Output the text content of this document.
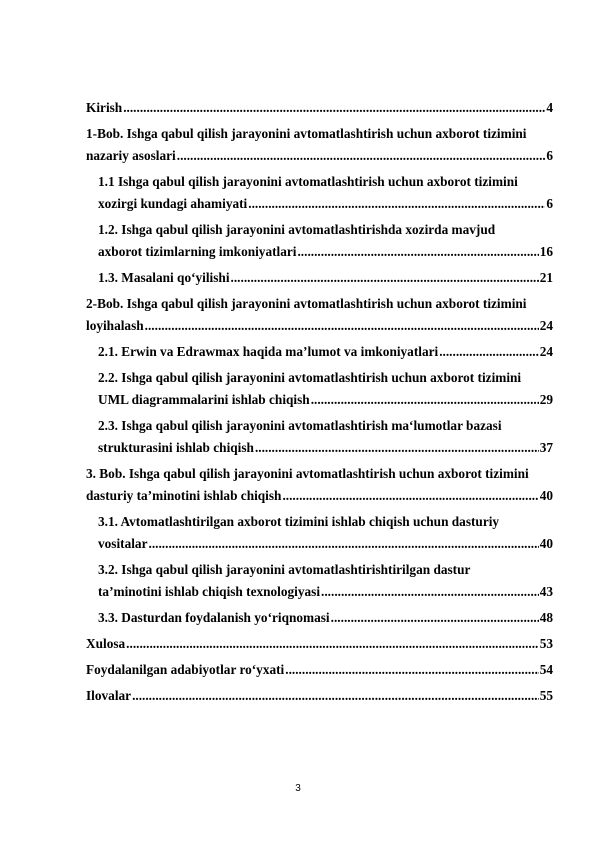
Kirish .....	4
1-Bob. Ishga qabul qilish jarayonini avtomatlashtirish uchun axborot tizimini
nazariy asoslari .....	6
1.1 Ishga qabul qilish jarayonini avtomatlashtirish uchun axborot tizimini
xozirgi kundagi ahamiyati .....	6
1.2. Ishga qabul qilish jarayonini avtomatlashtirishda xozirda mavjud
axborot tizimlarning imkoniyatlari .....	16
1.3. Masalani qo‘yilishi .....	21
2-Bob. Ishga qabul qilish jarayonini avtomatlashtirish uchun axborot tizimini
loyihalash .....	24
2.1. Erwin va Edrawmax haqida ma’lumot va imkoniyatlari .....	24
2.2. Ishga qabul qilish jarayonini avtomatlashtirish uchun axborot tizimini
UML diagrammalarini ishlab chiqish .....	29
2.3. Ishga qabul qilish jarayonini avtomatlashtirish ma‘lumotlar bazasi
strukturasini ishlab chiqish .....	37
3. Bob. Ishga qabul qilish jarayonini avtomatlashtirish uchun axborot tizimini
dasturiy ta’minotini ishlab chiqish .....	40
3.1. Avtomatlashtirilgan axborot tizimini ishlab chiqish uchun dasturiy
vositalar .....	40
3.2. Ishga qabul qilish jarayonini avtomatlashtirishtirilgan dastur
ta’minotini ishlab chiqish texnologiyasi .....	43
3.3. Dasturdan foydalanish yo‘riqnomasi .....	48
Xulosa .....	53
Foydalanilgan adabiyotlar ro‘yxati .....	54
Ilovalar .....	55
3
